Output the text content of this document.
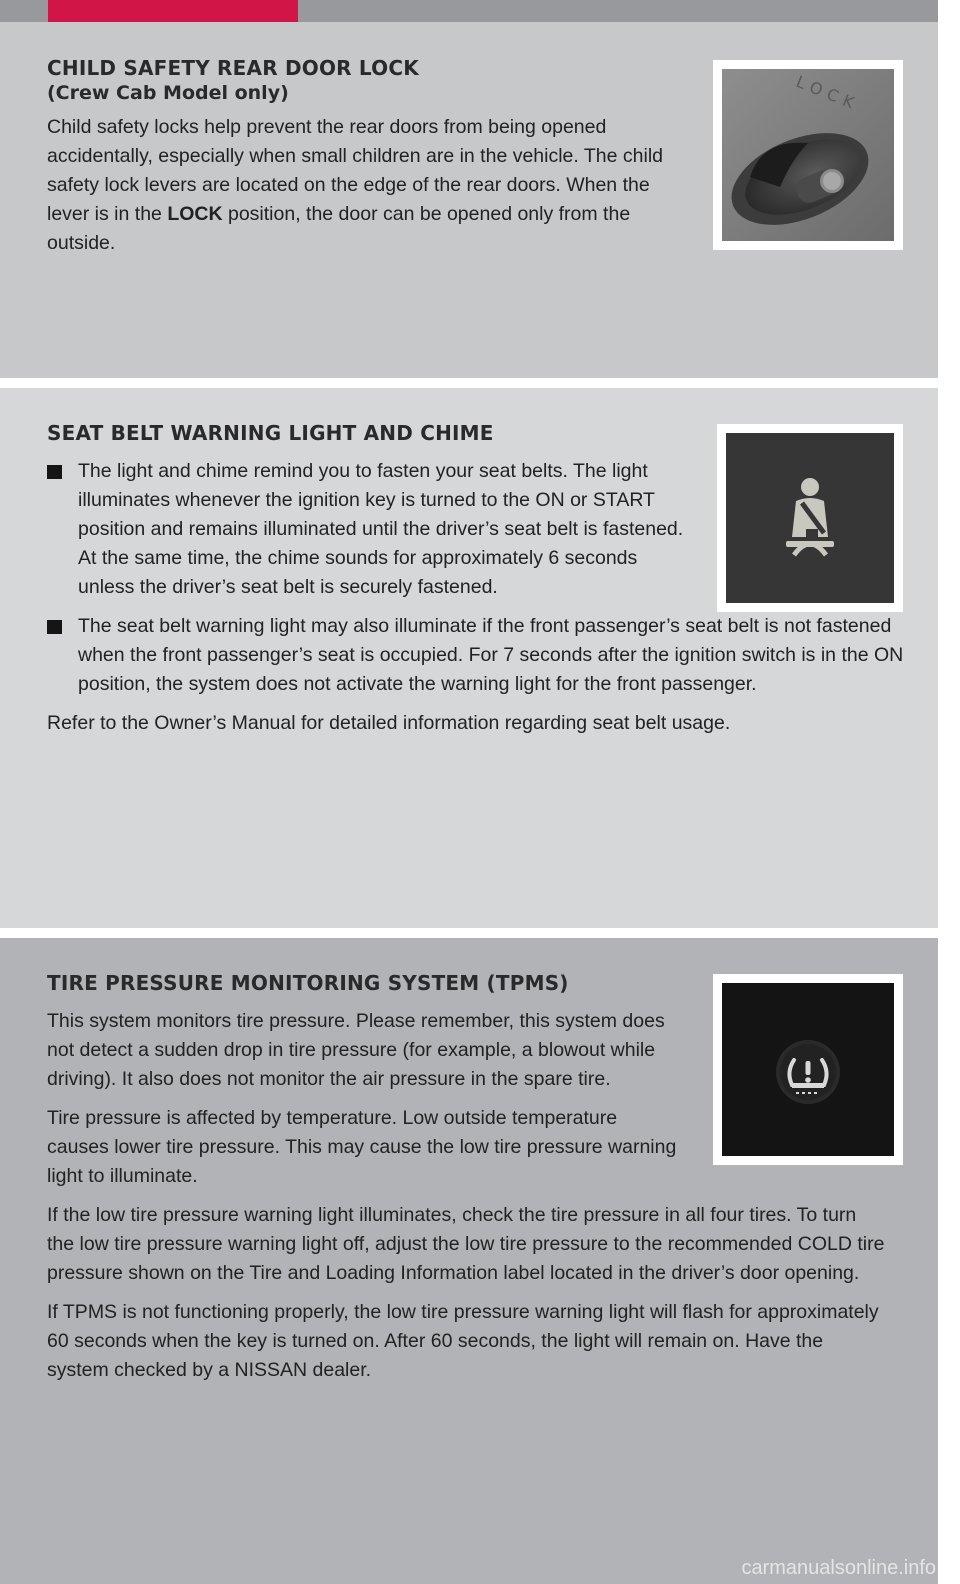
CHILD SAFETY REAR DOOR LOCK
(Crew Cab Model only)

Child safety locks help prevent the rear doors from being opened accidentally, especially when small children are in the vehicle. The child safety lock levers are located on the edge of the rear doors. When the lever is in the LOCK position, the door can be opened only from the outside.

LOCK
SEAT BELT WARNING LIGHT AND CHIME
The light and chime remind you to fasten your seat belts. The light illuminates whenever the ignition key is turned to the ON or START position and remains illuminated until the driver’s seat belt is fastened. At the same time, the chime sounds for approximately 6 seconds unless the driver’s seat belt is securely fastened.
The seat belt warning light may also illuminate if the front passenger’s seat belt is not fastened when the front passenger’s seat is occupied. For 7 seconds after the ignition switch is in the ON position, the system does not activate the warning light for the front passenger.

Refer to the Owner’s Manual for detailed information regarding seat belt usage.

TIRE PRESSURE MONITORING SYSTEM (TPMS)

This system monitors tire pressure. Please remember, this system does not detect a sudden drop in tire pressure (for example, a blowout while driving). It also does not monitor the air pressure in the spare tire.

Tire pressure is affected by temperature. Low outside temperature causes lower tire pressure. This may cause the low tire pressure warning light to illuminate.

If the low tire pressure warning light illuminates, check the tire pressure in all four tires. To turn the low tire pressure warning light off, adjust the low tire pressure to the recommended COLD tire pressure shown on the Tire and Loading Information label located in the driver’s door opening.

If TPMS is not functioning properly, the low tire pressure warning light will flash for approximately 60 seconds when the key is turned on. After 60 seconds, the light will remain on. Have the system checked by a NISSAN dealer.

carmanualsonline.info
